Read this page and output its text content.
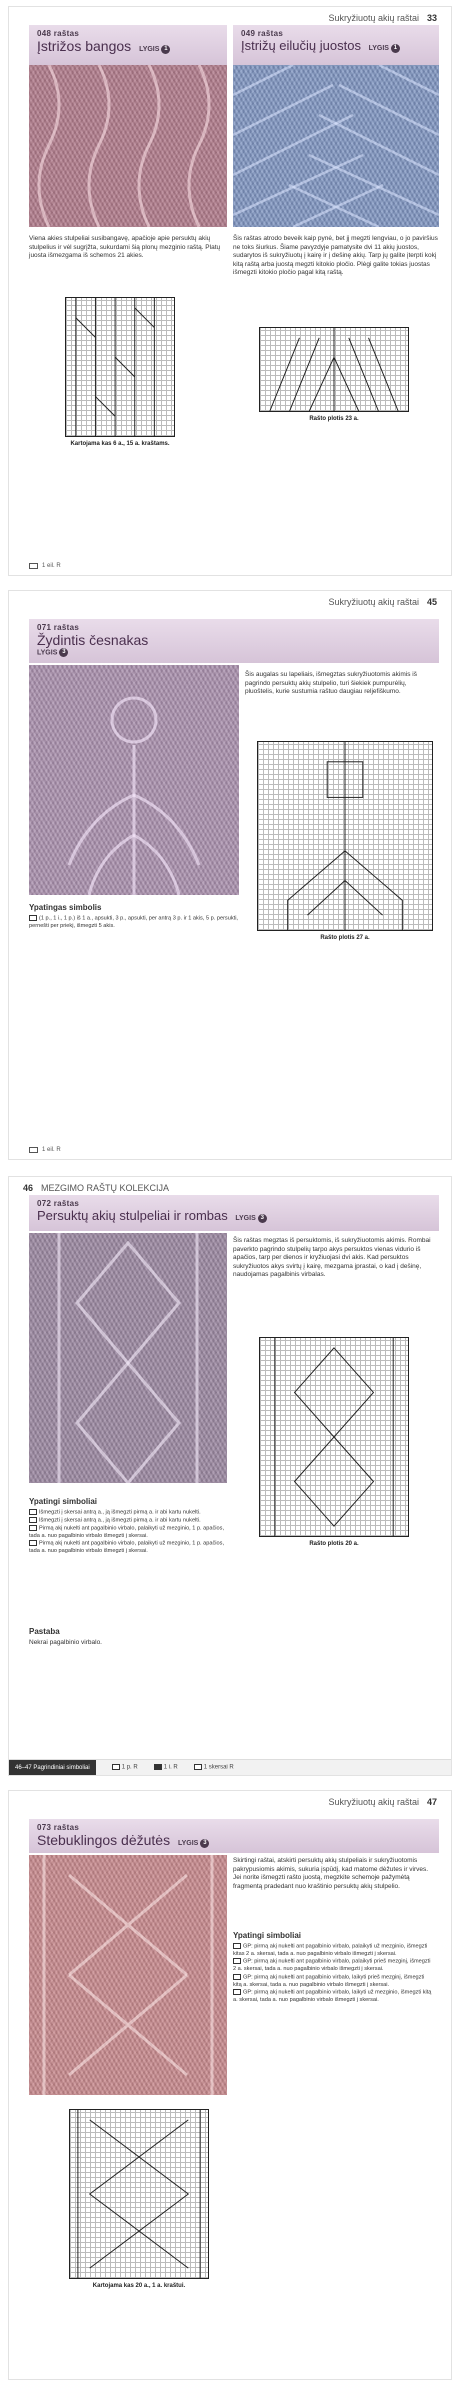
Sukryžiuotų akių raštai 33
048 raštas
Įstrižos bangos LYGIS 1
049 raštas
Įstrižų eilučių juostos LYGIS 1
Viena akies stulpeliai susibangavę, apačioje apie persuktų akių stulpelius ir vėl sugrįžta, sukurdami šią plonų mezginio raštą. Platų juosta išmezgama iš schemos 21 akies.
Šis raštas atrodo beveik kaip pynė, bet jį megzti lengviau, o jo paviršius ne toks šiurkus. Šiame pavyzdyje pamatysite dvi 11 akių juostos, sudarytos iš sukryžiuotų į kairę ir į dešinę akių. Tarp jų galite įterpti kokį kitą raštą arba juostą megzti kitokio pločio. Plėgi galite tokias juostas išmegzti kitokio pločio pagal kitą raštą.
Kartojama kas 6 a., 15 a. kraštams.
Rašto plotis 23 a.
1 eil. R
Sukryžiuotų akių raštai 45
071 raštas
Žydintis česnakas
LYGIS 3
Šis augalas su lapeliais, išmegztas sukryžiuotomis akimis iš pagrindo persuktų akių stulpelio, turi šiekiek pumpurėlių, pluoštelis, kurie sustumia raštuo daugiau reljefiškumo.
Rašto plotis 27 a.
Ypatingas simbolis
(1 p., 1 i., 1 p.) iš 1 a., apsukti, 3 p., apsukti, per antrą 3 p. ir 1 akis, 5 p. persukti, pernešti per priekį, išmegzti 5 akis.
1 eil. R
46 MEZGIMO RAŠTŲ KOLEKCIJA
072 raštas
Persuktų akių stulpeliai ir rombas LYGIS 3
Šis raštas megztas iš persuktomis, iš sukryžiuotomis akimis. Rombai paverkto pagrindo stulpelių tarpo akys persuktos vienas vidurio iš apačios, tarp per dienos ir kryžiuojasi dvi akis. Kad persuktos sukryžiuotos akys svirtų į kairę, mezgama įprastai, o kad į dešinę, naudojamas pagalbinis virbalas.
Rašto plotis 20 a.
Ypatingi simboliai
Išmegzti į skersai antrą a., ją išmegzti pirmą a. ir abi kartu nukelti.
Išmegzti į skersai antrą a., ją išmegzti pirmą a. ir abi kartu nukelti.
Pirmą akį nukelti ant pagalbinio virbalo, palaikyti už mezginio, 1 p. apačios, tada a. nuo pagalbinio virbalo išmegzti į skersai.
Pirmą akį nukelti ant pagalbinio virbalo, palaikyti už mezginio, 1 p. apačios, tada a. nuo pagalbinio virbalo išmegzti į skersai.
Pastaba
Nekrai pagalbinio virbalo.
46–47 Pagrindiniai simboliai	1 p. R	1 i. R	1 skersai R
Sukryžiuotų akių raštai 47
073 raštas
Stebuklingos dėžutės LYGIS 3
Skirtingi raštai, atskirti persuktų akių stulpeliais ir sukryžiuotomis pakrypusiomis akimis, sukuria įspūdį, kad matome dėžutes ir virves. Jei norite išmegzti rašto juostą, megzkite schemoje pažymėtą fragmentą pradedant nuo kraštinio persuktų akių stulpelio.
Ypatingi simboliai
GP: pirmą akį nukelti ant pagalbinio virbalo, palaikyti už mezginio, išmegzti kitas 2 a. skersai, tada a. nuo pagalbinio virbalo išmegzti į skersai.
GP: pirmą akį nukelti ant pagalbinio virbalo, palaikyti prieš mezginį, išmegzti 2 a. skersai, tada a. nuo pagalbinio virbalo išmegzti į skersai.
GP: pirmą akį nukelti ant pagalbinio virbalo, laikyti prieš mezginį, išmegzti kitą a. skersai, tada a. nuo pagalbinio virbalo išmegzti į skersai.
GP: pirmą akį nukelti ant pagalbinio virbalo, laikyti už mezginio, išmegzti kitą a. skersai, tada a. nuo pagalbinio virbalo išmegzti į skersai.
Kartojama kas 20 a., 1 a. kraštui.
